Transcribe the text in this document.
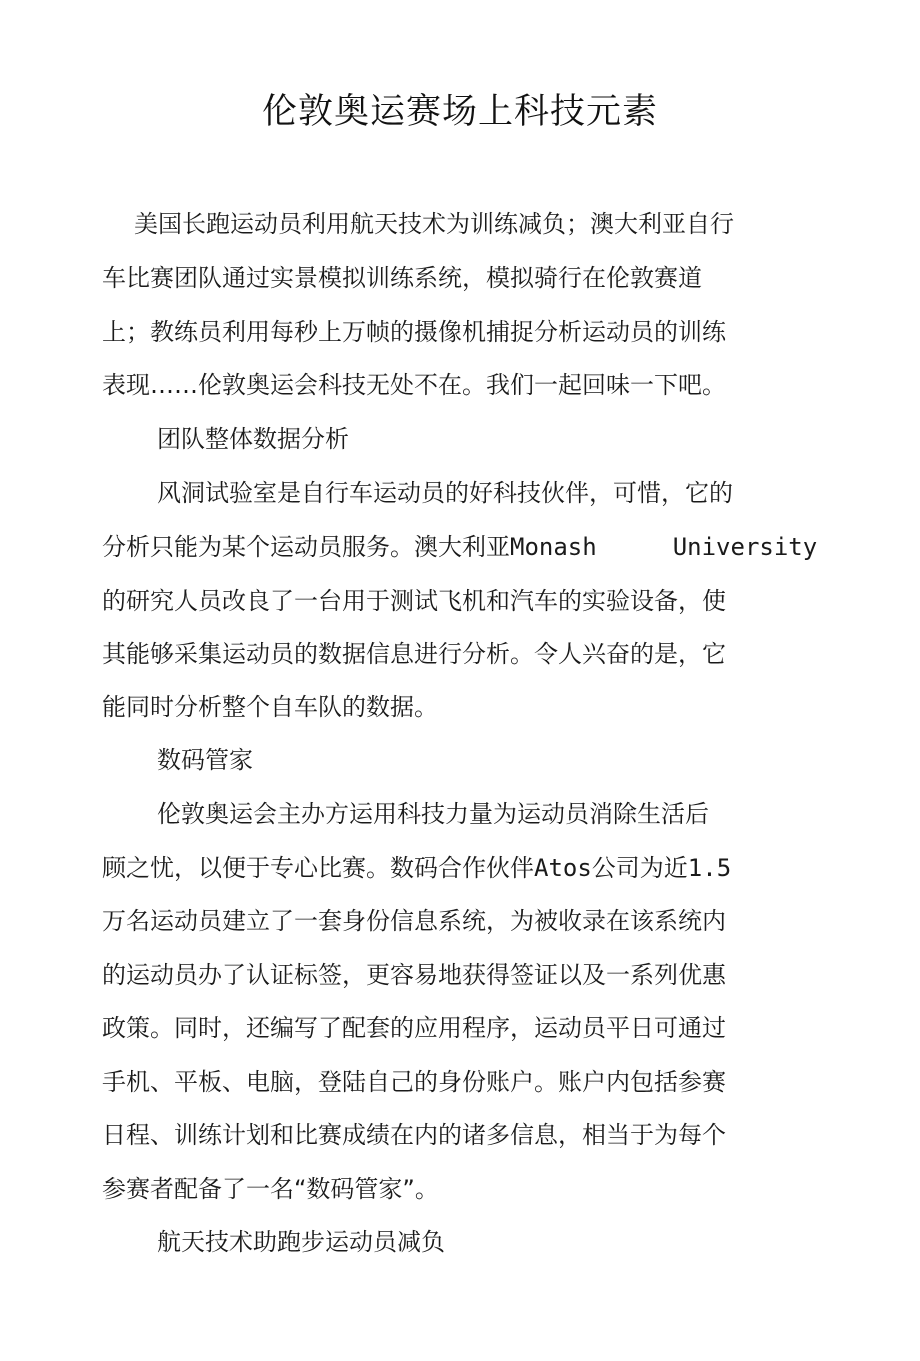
伦敦奥运赛场上科技元素
美国长跑运动员利用航天技术为训练减负；澳大利亚自行
车比赛团队通过实景模拟训练系统，模拟骑行在伦敦赛道
上；教练员利用每秒上万帧的摄像机捕捉分析运动员的训练
表现……伦敦奥运会科技无处不在。我们一起回味一下吧。
团队整体数据分析
风洞试验室是自行车运动员的好科技伙伴，可惜，它的
分析只能为某个运动员服务。澳大利亚Monash	University
的研究人员改良了一台用于测试飞机和汽车的实验设备，使
其能够采集运动员的数据信息进行分析。令人兴奋的是，它
能同时分析整个自车队的数据。
数码管家
伦敦奥运会主办方运用科技力量为运动员消除生活后
顾之忧，以便于专心比赛。数码合作伙伴Atos公司为近1.5
万名运动员建立了一套身份信息系统，为被收录在该系统内
的运动员办了认证标签，更容易地获得签证以及一系列优惠
政策。同时，还编写了配套的应用程序，运动员平日可通过
手机、平板、电脑，登陆自己的身份账户。账户内包括参赛
日程、训练计划和比赛成绩在内的诸多信息，相当于为每个
参赛者配备了一名“数码管家”。
航天技术助跑步运动员减负
